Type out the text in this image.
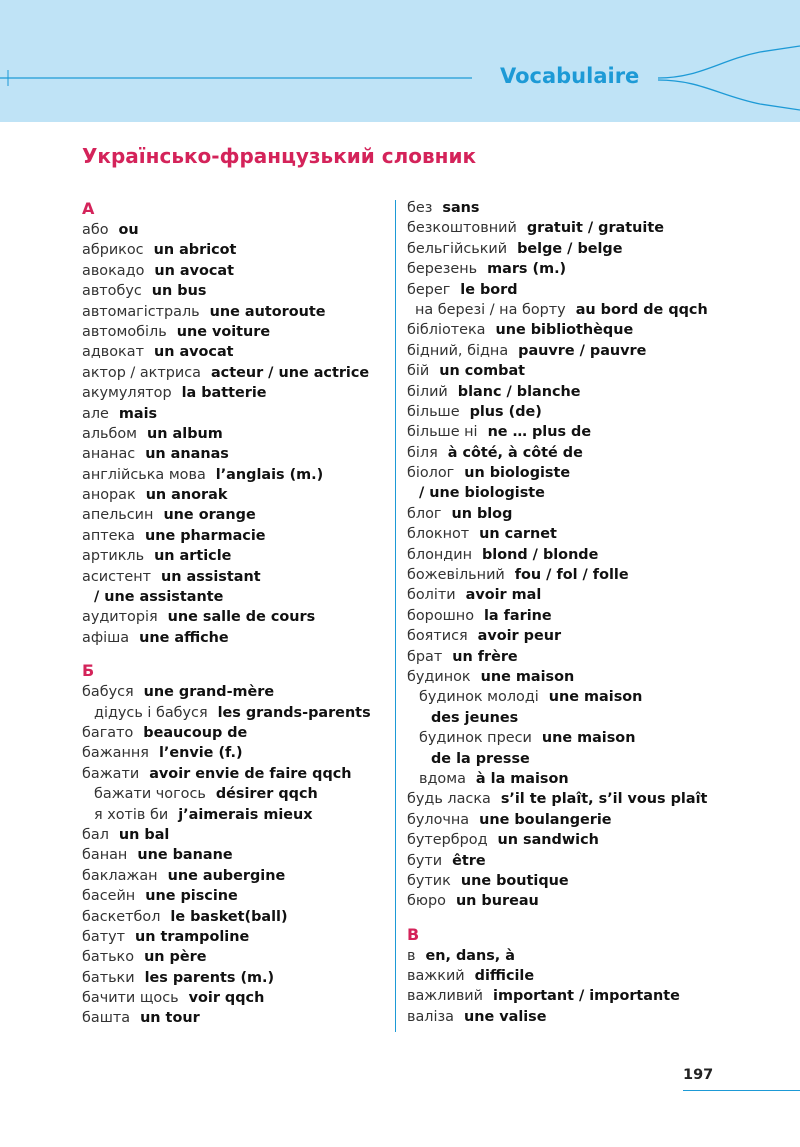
Vocabulaire
Українсько-французький словник
А
або ou
абрикос un abricot
авокадо un avocat
автобус un bus
автомагістраль une autoroute
автомобіль une voiture
адвокат un avocat
актор / актриса acteur / une actrice
акумулятор la batterie
але mais
альбом un album
ананас un ananas
англійська мова l’anglais (m.)
анорак un anorak
апельсин une orange
аптека une pharmacie
артикль un article
асистент un assistant
/ une assistante
аудиторія une salle de cours
афіша une affiche
Б
бабуся une grand-mère
дідусь і бабуся les grands-parents
багато beaucoup de
бажання l’envie (f.)
бажати avoir envie de faire qqch
бажати чогось désirer qqch
я хотів би j’aimerais mieux
бал un bal
банан une banane
баклажан une aubergine
басейн une piscine
баскетбол le basket(ball)
батут un trampoline
батько un père
батьки les parents (m.)
бачити щось voir qqch
башта un tour
без sans
безкоштовний gratuit / gratuite
бельгійський belge / belge
березень mars (m.)
берег le bord
на березі / на борту au bord de qqch
бібліотека une bibliothèque
бідний, бідна pauvre / pauvre
бій un combat
білий blanc / blanche
більше plus (de)
більше ні ne … plus de
біля à côté, à côté de
біолог un biologiste
/ une biologiste
блог un blog
блокнот un carnet
блондин blond / blonde
божевільний fou / fol / folle
боліти avoir mal
борошно la farine
боятися avoir peur
брат un frère
будинок une maison
будинок молоді une maison
des jeunes
будинок преси une maison
de la presse
вдома à la maison
будь ласка s’il te plaît, s’il vous plaît
булочна une boulangerie
бутерброд un sandwich
бути être
бутик une boutique
бюро un bureau
В
в en, dans, à
важкий difficile
важливий important / importante
валіза une valise
197
